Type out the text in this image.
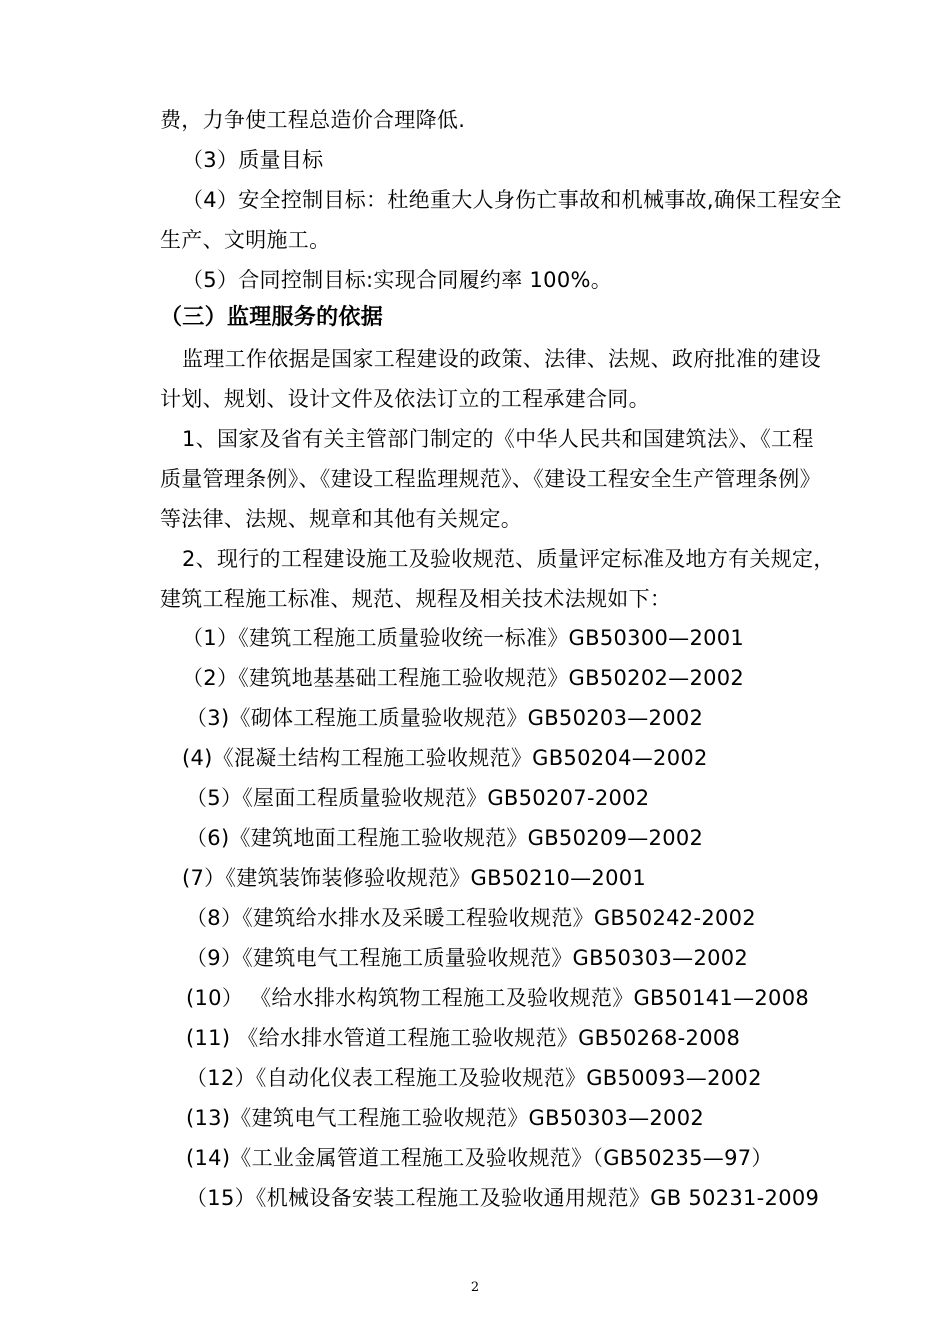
费，力争使工程总造价合理降低.
（3）质量目标
（4）安全控制目标：杜绝重大人身伤亡事故和机械事故,确保工程安全
生产、文明施工。
（5）合同控制目标:实现合同履约率 100%。
（三）监理服务的依据
监理工作依据是国家工程建设的政策、法律、法规、政府批准的建设
计划、规划、设计文件及依法订立的工程承建合同。
1、国家及省有关主管部门制定的《中华人民共和国建筑法》、《工程
质量管理条例》、《建设工程监理规范》、《建设工程安全生产管理条例》
等法律、法规、规章和其他有关规定。
2、现行的工程建设施工及验收规范、质量评定标准及地方有关规定，
建筑工程施工标准、规范、规程及相关技术法规如下：
（1）《建筑工程施工质量验收统一标准》GB50300—2001
（2）《建筑地基基础工程施工验收规范》GB50202—2002
（3)《砌体工程施工质量验收规范》GB50203—2002
(4)《混凝土结构工程施工验收规范》GB50204—2002
（5）《屋面工程质量验收规范》GB50207-2002
（6)《建筑地面工程施工验收规范》GB50209—2002
(7）《建筑装饰装修验收规范》GB50210—2001
（8）《建筑给水排水及采暖工程验收规范》GB50242-2002
（9）《建筑电气工程施工质量验收规范》GB50303—2002
(10） 《给水排水构筑物工程施工及验收规范》GB50141—2008
(11) 《给水排水管道工程施工验收规范》GB50268-2008
（12）《自动化仪表工程施工及验收规范》GB50093—2002
(13)《建筑电气工程施工验收规范》GB50303—2002
(14)《工业金属管道工程施工及验收规范》（GB50235—97）
（15）《机械设备安装工程施工及验收通用规范》GB 50231-2009
2
